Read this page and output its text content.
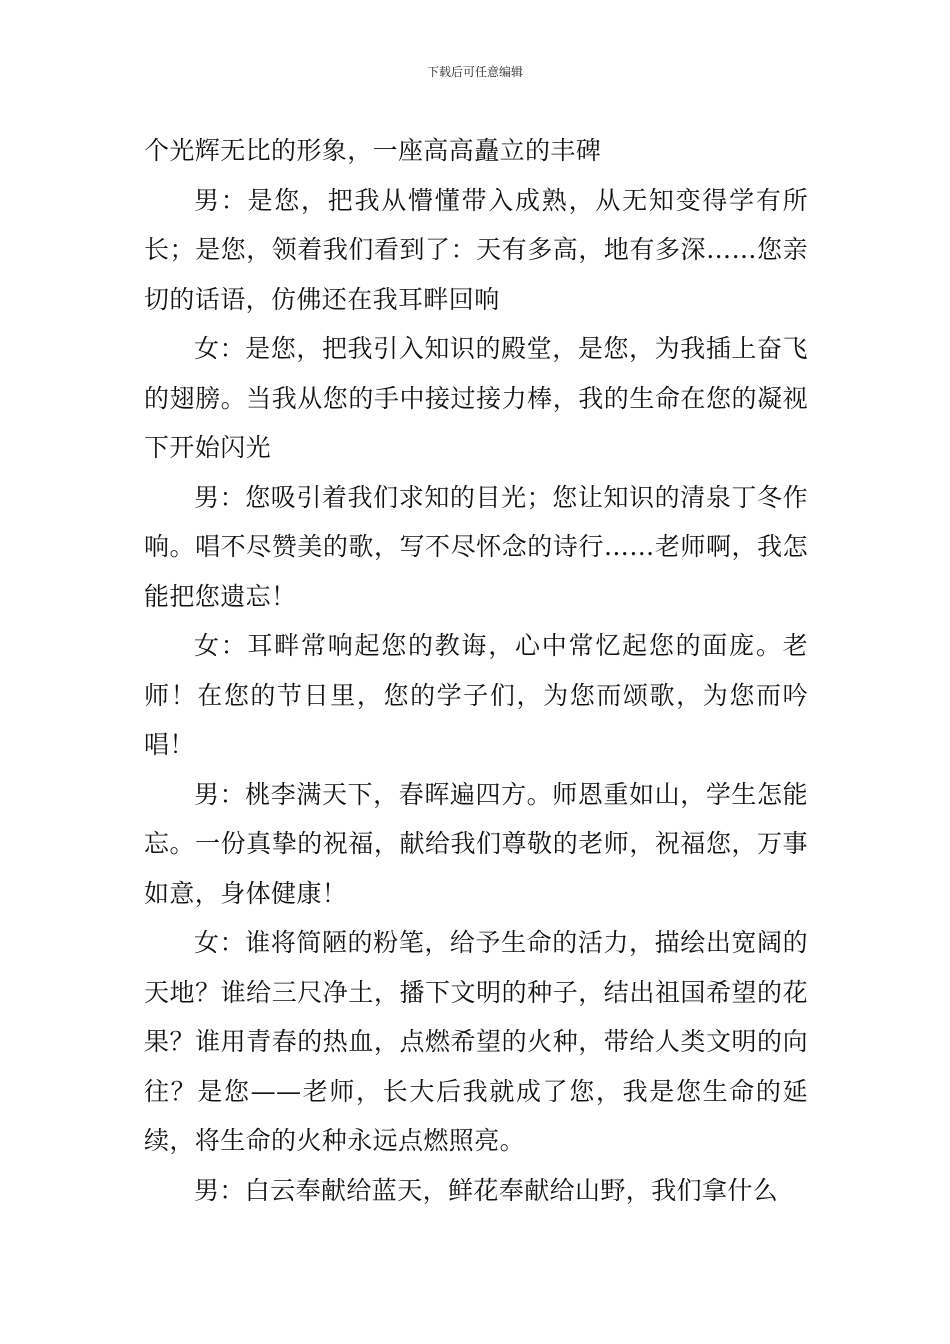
下载后可任意编辑

个光辉无比的形象，一座高高矗立的丰碑

男：是您，把我从懵懂带入成熟，从无知变得学有所长；是您，领着我们看到了：天有多高，地有多深……您亲切的话语，仿佛还在我耳畔回响

女：是您，把我引入知识的殿堂，是您，为我插上奋飞的翅膀。当我从您的手中接过接力棒，我的生命在您的凝视下开始闪光

男：您吸引着我们求知的目光；您让知识的清泉丁冬作响。唱不尽赞美的歌，写不尽怀念的诗行……老师啊，我怎能把您遗忘！

女：耳畔常响起您的教诲，心中常忆起您的面庞。老师！在您的节日里，您的学子们，为您而颂歌，为您而吟唱！

男：桃李满天下，春晖遍四方。师恩重如山，学生怎能忘。一份真挚的祝福，献给我们尊敬的老师，祝福您，万事如意，身体健康！

女：谁将简陋的粉笔，给予生命的活力，描绘出宽阔的天地？谁给三尺净土，播下文明的种子，结出祖国希望的花果？谁用青春的热血，点燃希望的火种，带给人类文明的向往？是您——老师，长大后我就成了您，我是您生命的延续，将生命的火种永远点燃照亮。

男：白云奉献给蓝天，鲜花奉献给山野，我们拿什么
